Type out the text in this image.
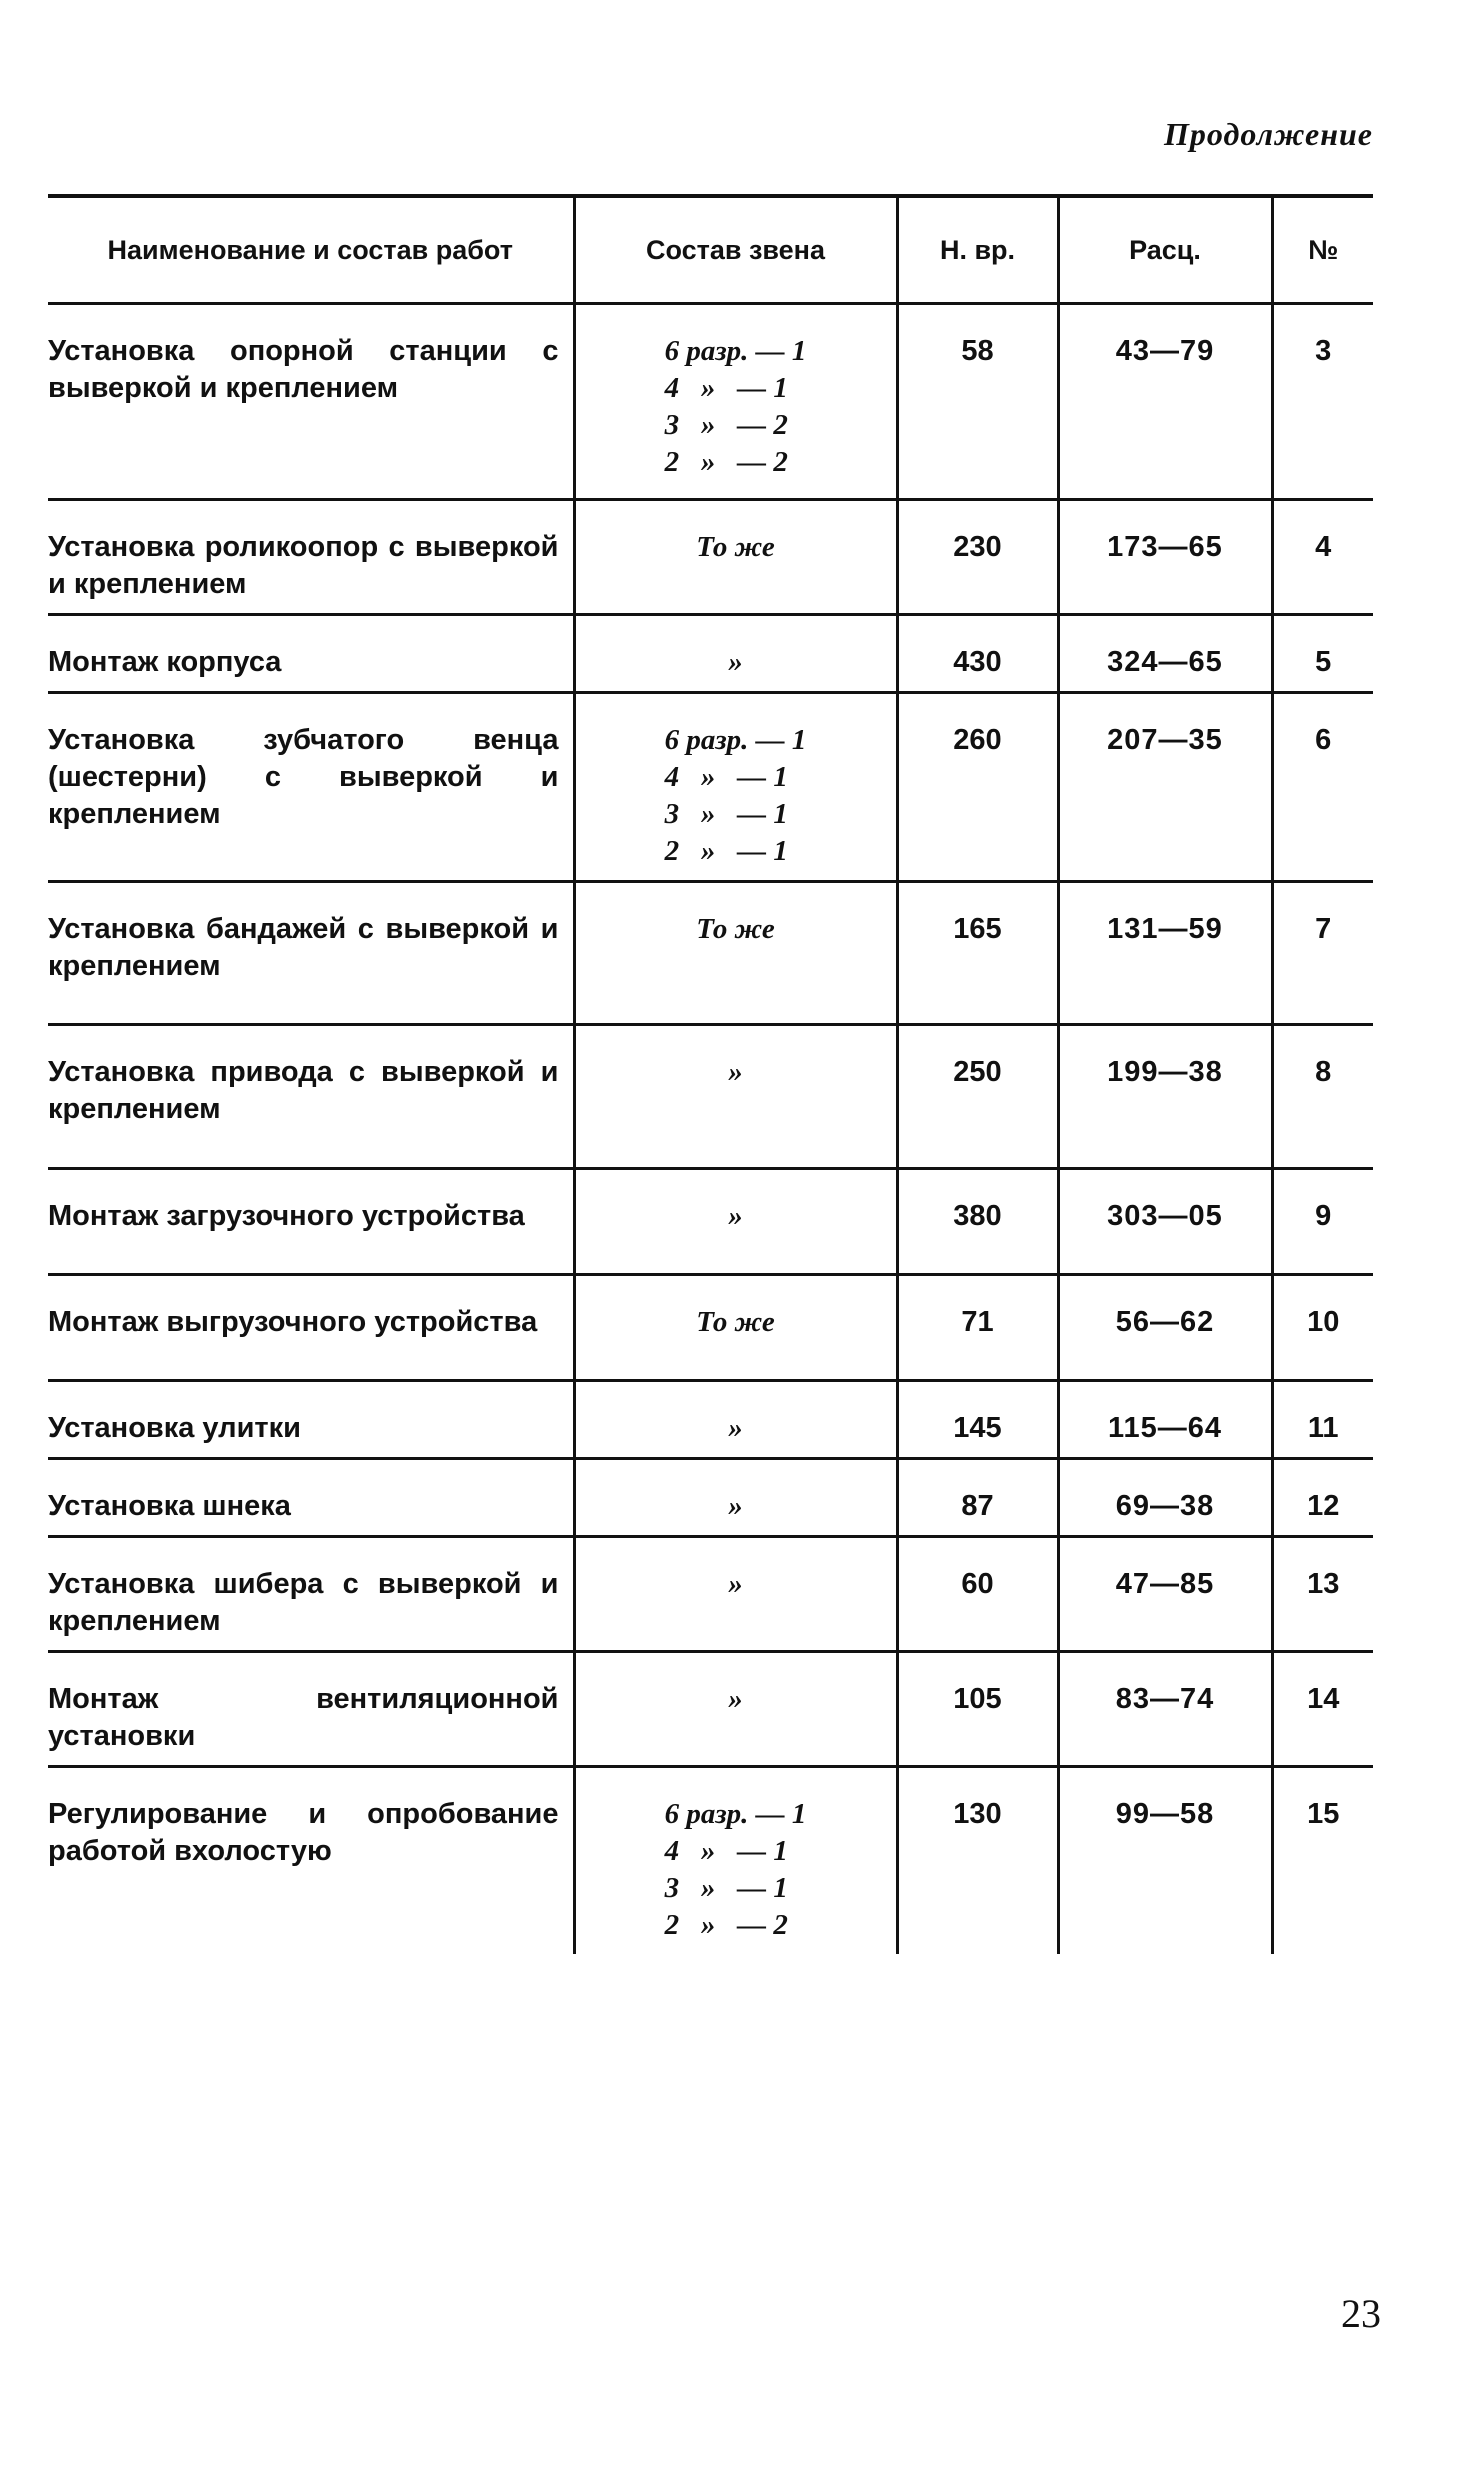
Продолжение
Наименование и состав работ	Состав звена	Н. вр.	Расц.	№
Установка опорной станции с выверкой и креплением	6 разр. — 1
4   »   — 1
3   »   — 2
2   »   — 2	58	43—79	3
Установка роликоопор с выверкой и креплением	То же	230	173—65	4
Монтаж корпуса	»	430	324—65	5
Установка зубчатого венца (шестерни) с выверкой и креплением	6 разр. — 1
4   »   — 1
3   »   — 1
2   »   — 1	260	207—35	6
Установка бандажей с выверкой и креплением	То же	165	131—59	7
Установка привода с выверкой и креплением	»	250	199—38	8
Монтаж загрузочного устройства	»	380	303—05	9
Монтаж выгрузочного устройства	То же	71	56—62	10
Установка улитки	»	145	115—64	11
Установка шнека	»	87	69—38	12
Установка шибера с выверкой и креплением	»	60	47—85	13
Монтаж вентиляционной установки	»	105	83—74	14
Регулирование и опробование работой вхолостую	6 разр. — 1
4   »   — 1
3   »   — 1
2   »   — 2	130	99—58	15
23
